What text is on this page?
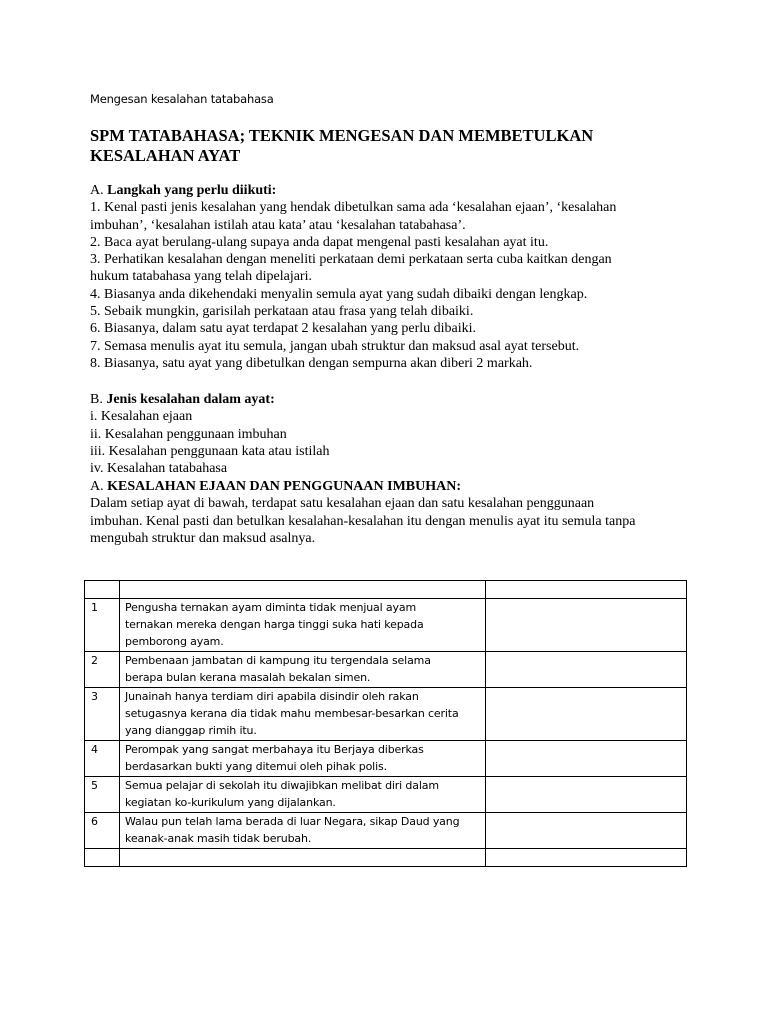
Mengesan kesalahan tatabahasa
SPM TATABAHASA; TEKNIK MENGESAN DAN MEMBETULKAN
KESALAHAN AYAT
A. Langkah yang perlu diikuti:
1. Kenal pasti jenis kesalahan yang hendak dibetulkan sama ada ‘kesalahan ejaan’, ‘kesalahan
imbuhan’, ‘kesalahan istilah atau kata’ atau ‘kesalahan tatabahasa’.
2. Baca ayat berulang-ulang supaya anda dapat mengenal pasti kesalahan ayat itu.
3. Perhatikan kesalahan dengan meneliti perkataan demi perkataan serta cuba kaitkan dengan
hukum tatabahasa yang telah dipelajari.
4. Biasanya anda dikehendaki menyalin semula ayat yang sudah dibaiki dengan lengkap.
5. Sebaik mungkin, garisilah perkataan atau frasa yang telah dibaiki.
6. Biasanya, dalam satu ayat terdapat 2 kesalahan yang perlu dibaiki.
7. Semasa menulis ayat itu semula, jangan ubah struktur dan maksud asal ayat tersebut.
8. Biasanya, satu ayat yang dibetulkan dengan sempurna akan diberi 2 markah.
B. Jenis kesalahan dalam ayat:
i. Kesalahan ejaan
ii. Kesalahan penggunaan imbuhan
iii. Kesalahan penggunaan kata atau istilah
iv. Kesalahan tatabahasa
A. KESALAHAN EJAAN DAN PENGGUNAAN IMBUHAN:
Dalam setiap ayat di bawah, terdapat satu kesalahan ejaan dan satu kesalahan penggunaan
imbuhan. Kenal pasti dan betulkan kesalahan-kesalahan itu dengan menulis ayat itu semula tanpa
mengubah struktur dan maksud asalnya.

1	Pengusha ternakan ayam diminta tidak menjual ayam
ternakan mereka dengan harga tinggi suka hati kepada
pemborong ayam.	

2	Pembenaan jambatan di kampung itu tergendala selama
berapa bulan kerana masalah bekalan simen.	

3	Junainah hanya terdiam diri apabila disindir oleh rakan
setugasnya kerana dia tidak mahu membesar-besarkan cerita
yang dianggap rimih itu.	

4	Perompak yang sangat merbahaya itu Berjaya diberkas
berdasarkan bukti yang ditemui oleh pihak polis.	

5	Semua pelajar di sekolah itu diwajibkan melibat diri dalam
kegiatan ko-kurikulum yang dijalankan.	

6	Walau pun telah lama berada di luar Negara, sikap Daud yang
keanak-anak masih tidak berubah.	
